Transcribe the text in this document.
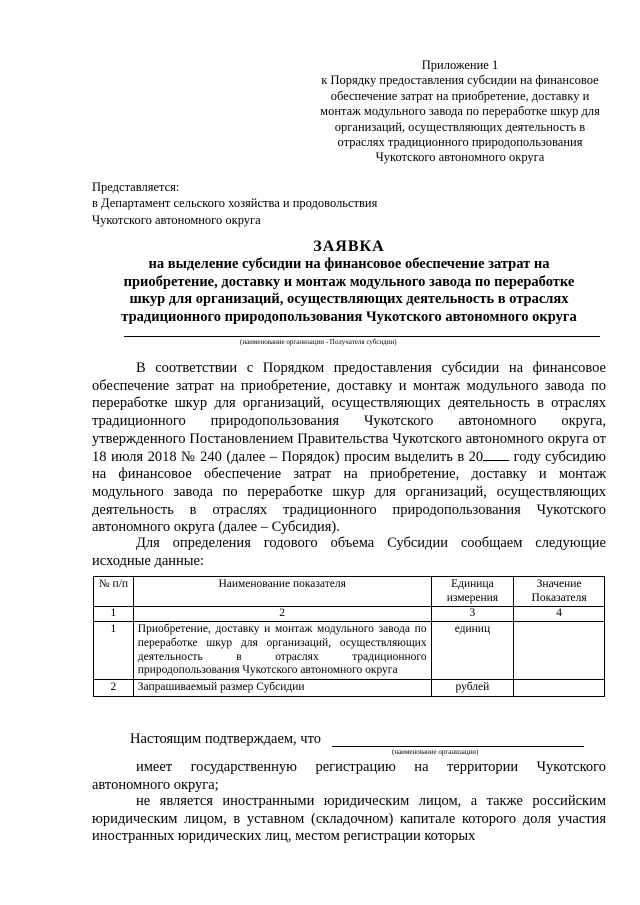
Приложение 1
к Порядку предоставления субсидии на финансовое
обеспечение затрат на приобретение, доставку и
монтаж модульного завода по переработке шкур для
организаций, осуществляющих деятельность в
отраслях традиционного природопользования
Чукотского автономного округа
Представляется:
в Департамент сельского хозяйства и продовольствия
Чукотского автономного округа
ЗАЯВКА
на выделение субсидии на финансовое обеспечение затрат на
приобретение, доставку и монтаж модульного завода по переработке
шкур для организаций, осуществляющих деятельность в отраслях
традиционного природопользования Чукотского автономного округа
(наименование организации - Получателя субсидии)
В соответствии с Порядком предоставления субсидии на финансовое обеспечение затрат на приобретение, доставку и монтаж модульного завода по переработке шкур для организаций, осуществляющих деятельность в отраслях традиционного природопользования Чукотского автономного округа, утвержденного Постановлением Правительства Чукотского автономного округа от 18 июля 2018 № 240 (далее – Порядок) просим выделить в 20 году субсидию на финансовое обеспечение затрат на приобретение, доставку и монтаж модульного завода по переработке шкур для организаций, осуществляющих деятельность в отраслях традиционного природопользования Чукотского автономного округа (далее – Субсидия).
Для определения годового объема Субсидии сообщаем следующие исходные данные:
№ п/п	Наименование показателя	Единица измерения	Значение Показателя
1	2	3	4
1	Приобретение, доставку и монтаж модульного завода по переработке шкур для организаций, осуществляющих деятельность в отраслях традиционного природопользования Чукотского автономного округа	единиц	
2	Запрашиваемый размер Субсидии	рублей	
Настоящим подтверждаем, что
(наименование организации)
имеет государственную регистрацию на территории Чукотского автономного округа;
не является иностранными юридическим лицом, а также российским юридическим лицом, в уставном (складочном) капитале которого доля участия иностранных юридических лиц, местом регистрации которых
